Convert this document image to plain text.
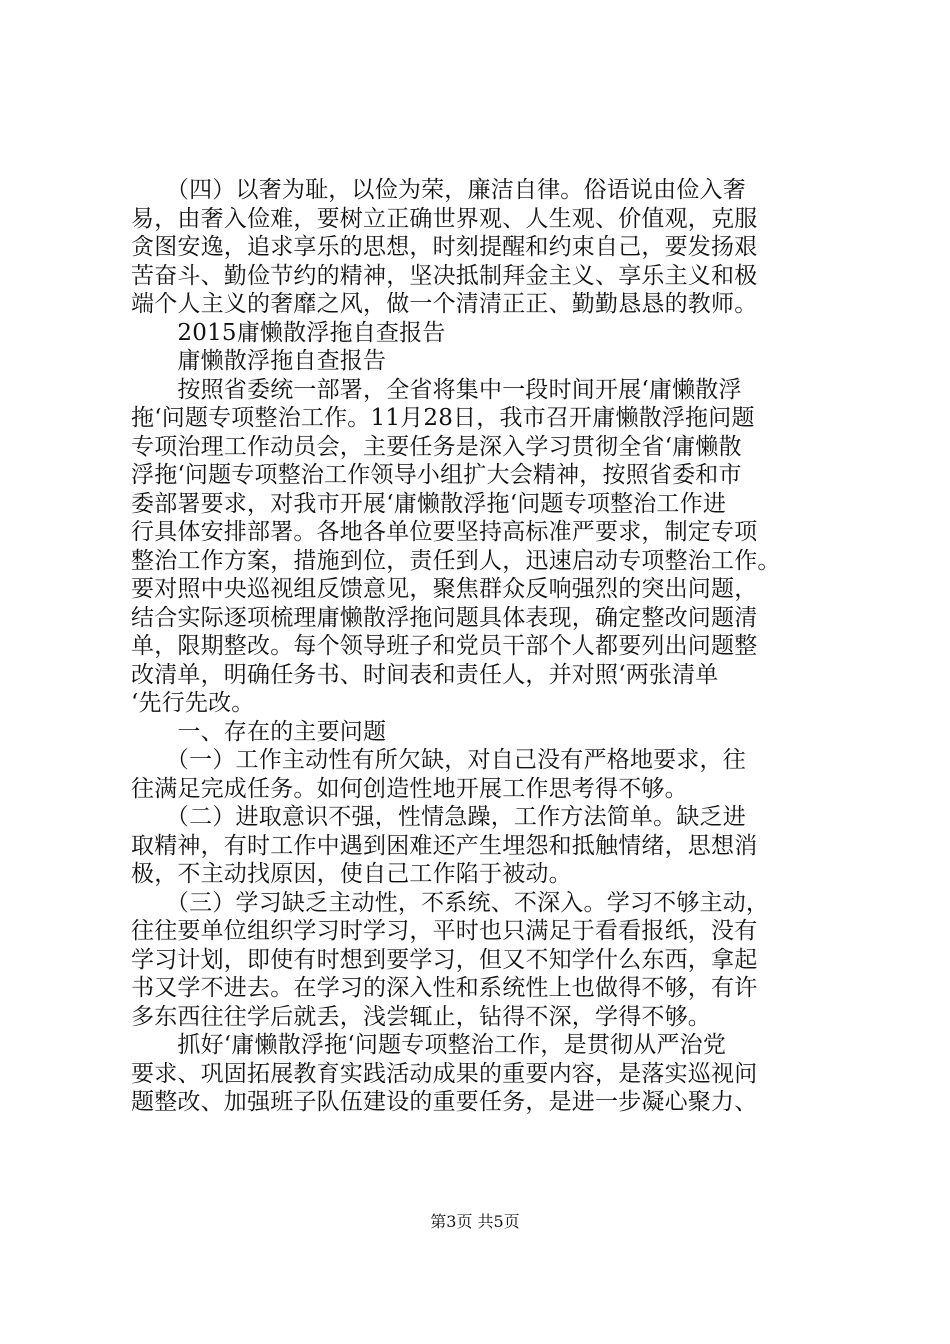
　　（四）以奢为耻，以俭为荣，廉洁自律。俗语说由俭入奢
易，由奢入俭难，要树立正确世界观、人生观、价值观，克服
贪图安逸，追求享乐的思想，时刻提醒和约束自己，要发扬艰
苦奋斗、勤俭节约的精神，坚决抵制拜金主义、享乐主义和极
端个人主义的奢靡之风，做一个清清正正、勤勤恳恳的教师。
　　2015庸懒散浮拖自查报告
　　庸懒散浮拖自查报告
　　按照省委统一部署，全省将集中一段时间开展‘庸懒散浮
拖‘问题专项整治工作。11月28日，我市召开庸懒散浮拖问题
专项治理工作动员会，主要任务是深入学习贯彻全省‘庸懒散
浮拖‘问题专项整治工作领导小组扩大会精神，按照省委和市
委部署要求，对我市开展‘庸懒散浮拖‘问题专项整治工作进
行具体安排部署。各地各单位要坚持高标准严要求，制定专项
整治工作方案，措施到位，责任到人，迅速启动专项整治工作。
要对照中央巡视组反馈意见，聚焦群众反响强烈的突出问题，
结合实际逐项梳理庸懒散浮拖问题具体表现，确定整改问题清
单，限期整改。每个领导班子和党员干部个人都要列出问题整
改清单，明确任务书、时间表和责任人，并对照‘两张清单
‘先行先改。
　　一、存在的主要问题
　　（一）工作主动性有所欠缺，对自己没有严格地要求，往
往满足完成任务。如何创造性地开展工作思考得不够。
　　（二）进取意识不强，性情急躁，工作方法简单。缺乏进
取精神，有时工作中遇到困难还产生埋怨和抵触情绪，思想消
极，不主动找原因，使自己工作陷于被动。
　　（三）学习缺乏主动性，不系统、不深入。学习不够主动，
往往要单位组织学习时学习，平时也只满足于看看报纸，没有
学习计划，即使有时想到要学习，但又不知学什么东西，拿起
书又学不进去。在学习的深入性和系统性上也做得不够，有许
多东西往往学后就丢，浅尝辄止，钻得不深，学得不够。
　　抓好‘庸懒散浮拖‘问题专项整治工作，是贯彻从严治党
要求、巩固拓展教育实践活动成果的重要内容，是落实巡视问
题整改、加强班子队伍建设的重要任务，是进一步凝心聚力、
第3页 共5页
